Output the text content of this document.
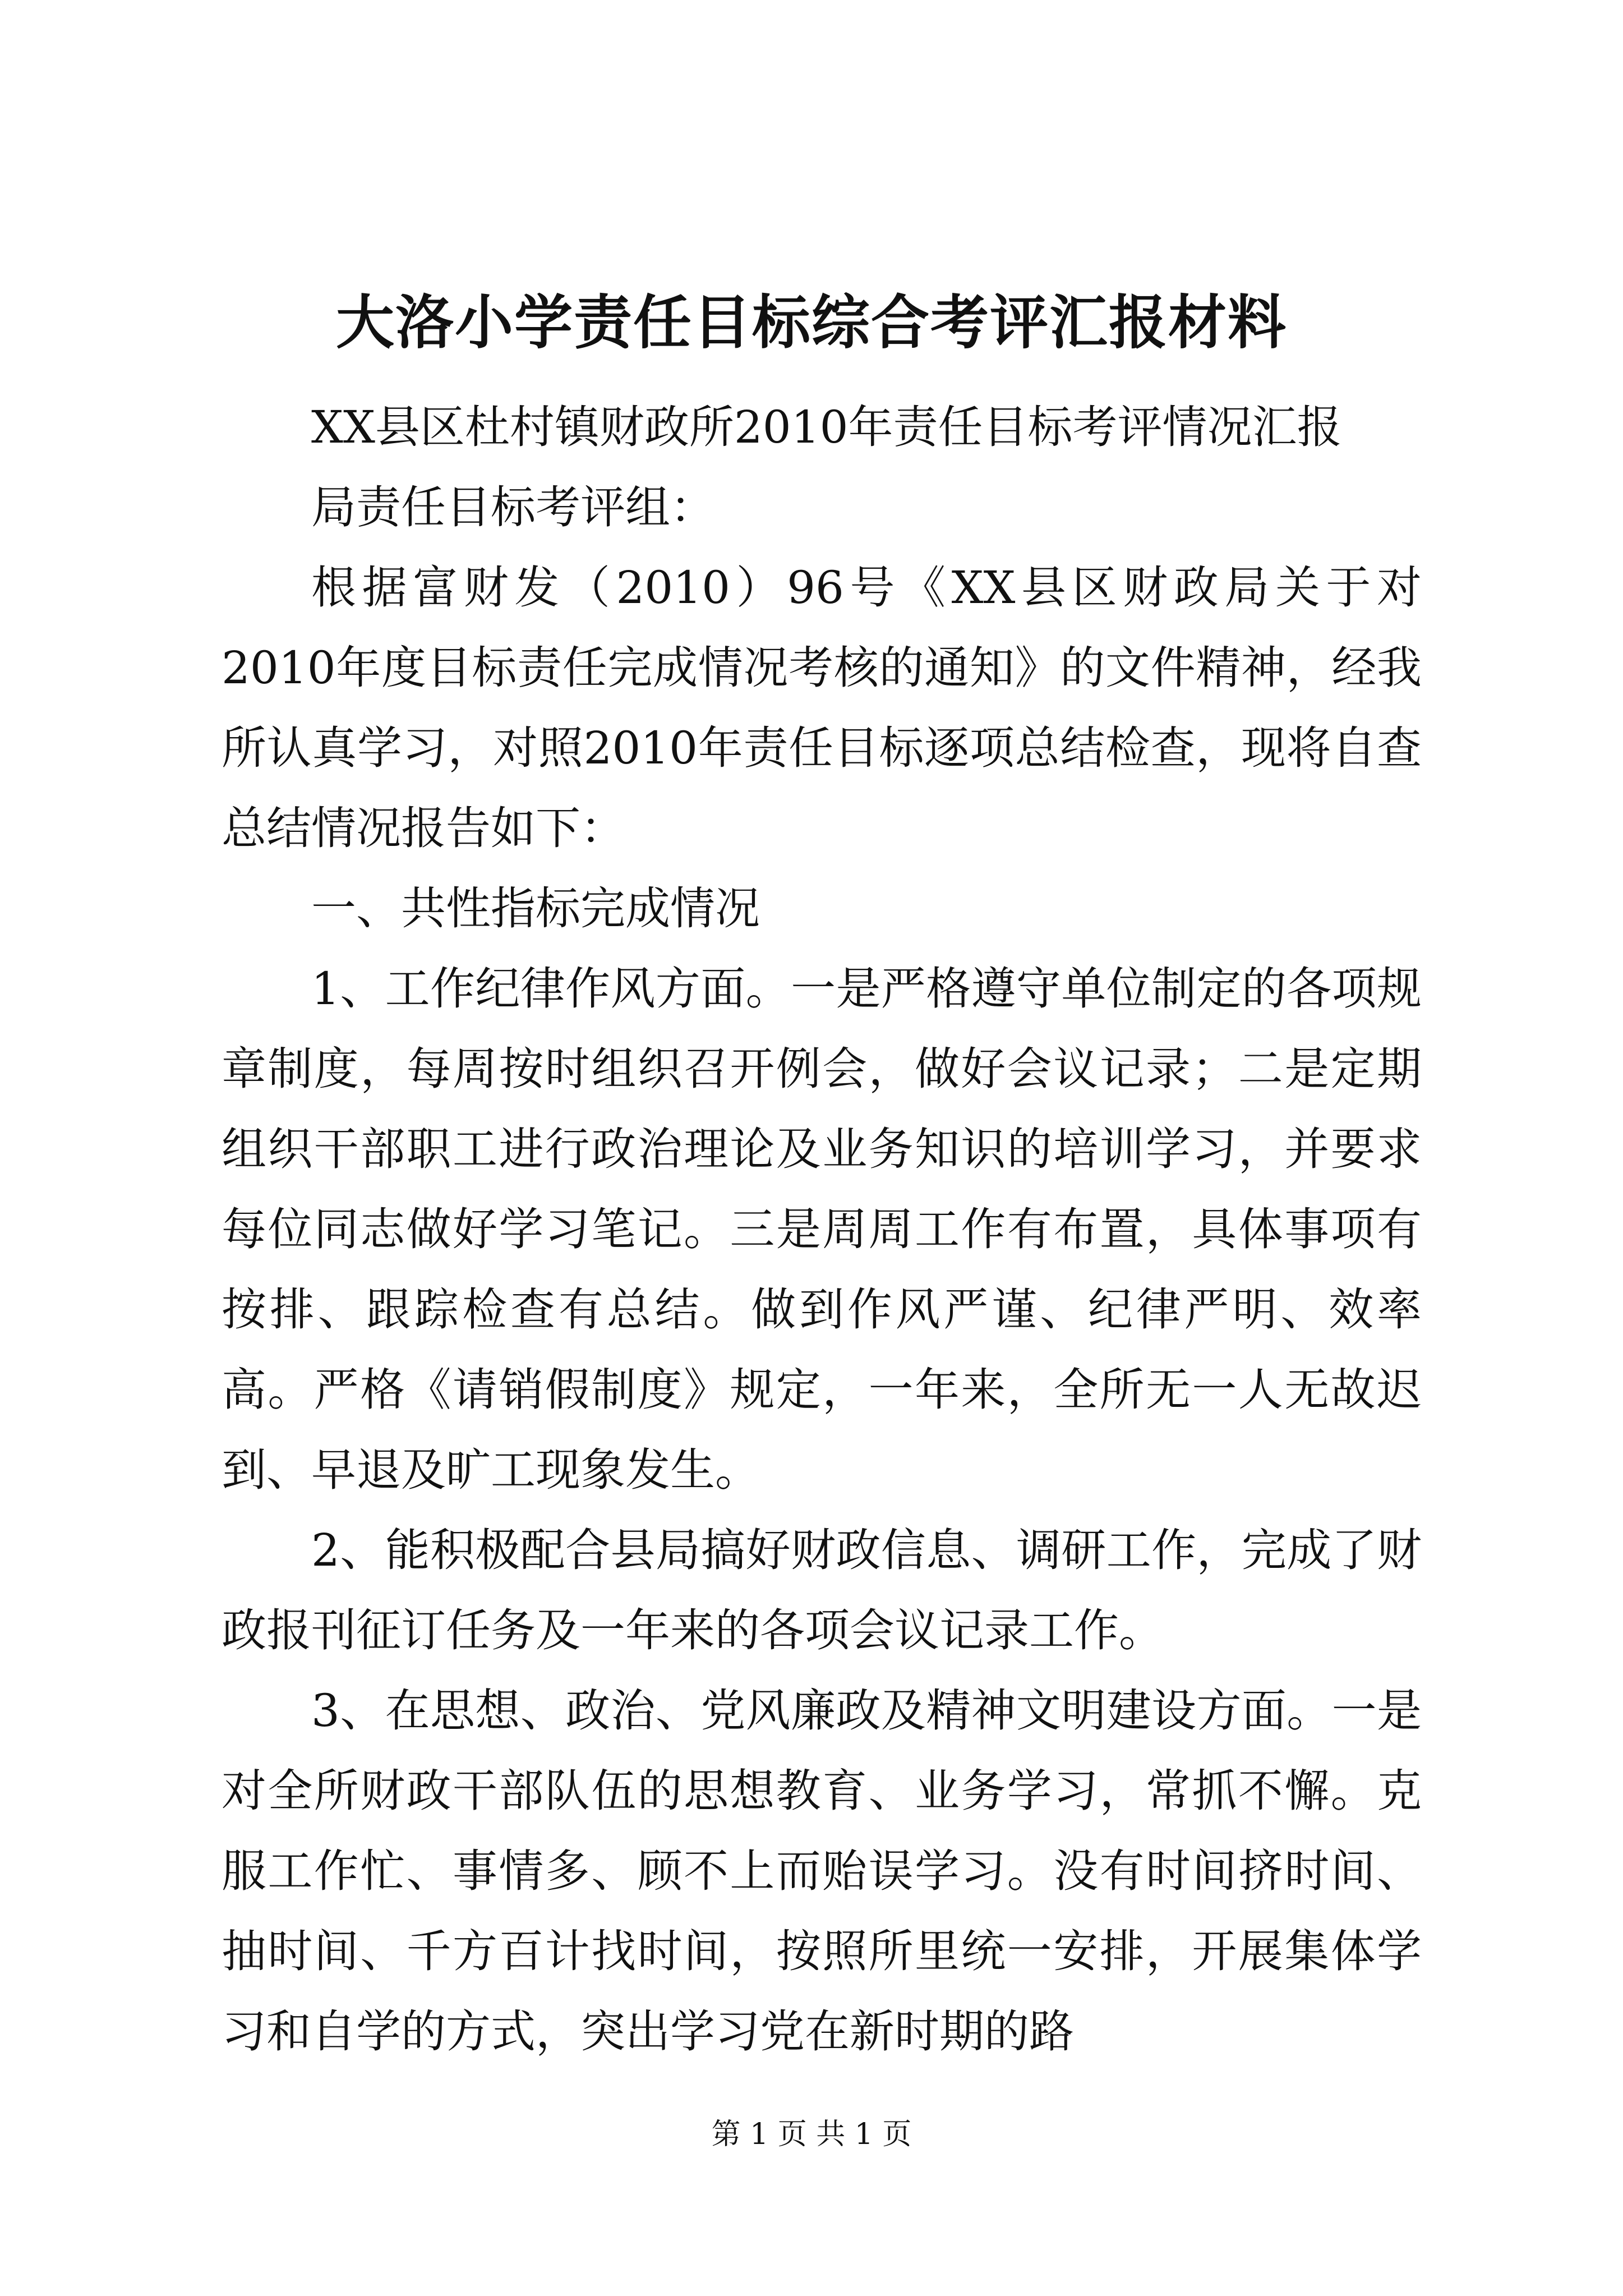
大洛小学责任目标综合考评汇报材料

XX县区杜村镇财政所2010年责任目标考评情况汇报

局责任目标考评组：

根据富财发（2010）96号《XX县区财政局关于对2010年度目标责任完成情况考核的通知》的文件精神，经我所认真学习，对照2010年责任目标逐项总结检查，现将自查总结情况报告如下：

一、共性指标完成情况

1、工作纪律作风方面。一是严格遵守单位制定的各项规章制度，每周按时组织召开例会，做好会议记录；二是定期组织干部职工进行政治理论及业务知识的培训学习，并要求每位同志做好学习笔记。三是周周工作有布置，具体事项有按排、跟踪检查有总结。做到作风严谨、纪律严明、效率高。严格《请销假制度》规定，一年来，全所无一人无故迟到、早退及旷工现象发生。

2、能积极配合县局搞好财政信息、调研工作，完成了财政报刊征订任务及一年来的各项会议记录工作。

3、在思想、政治、党风廉政及精神文明建设方面。一是对全所财政干部队伍的思想教育、业务学习，常抓不懈。克服工作忙、事情多、顾不上而贻误学习。没有时间挤时间、抽时间、千方百计找时间，按照所里统一安排，开展集体学习和自学的方式，突出学习党在新时期的路

第 1 页 共 1 页
